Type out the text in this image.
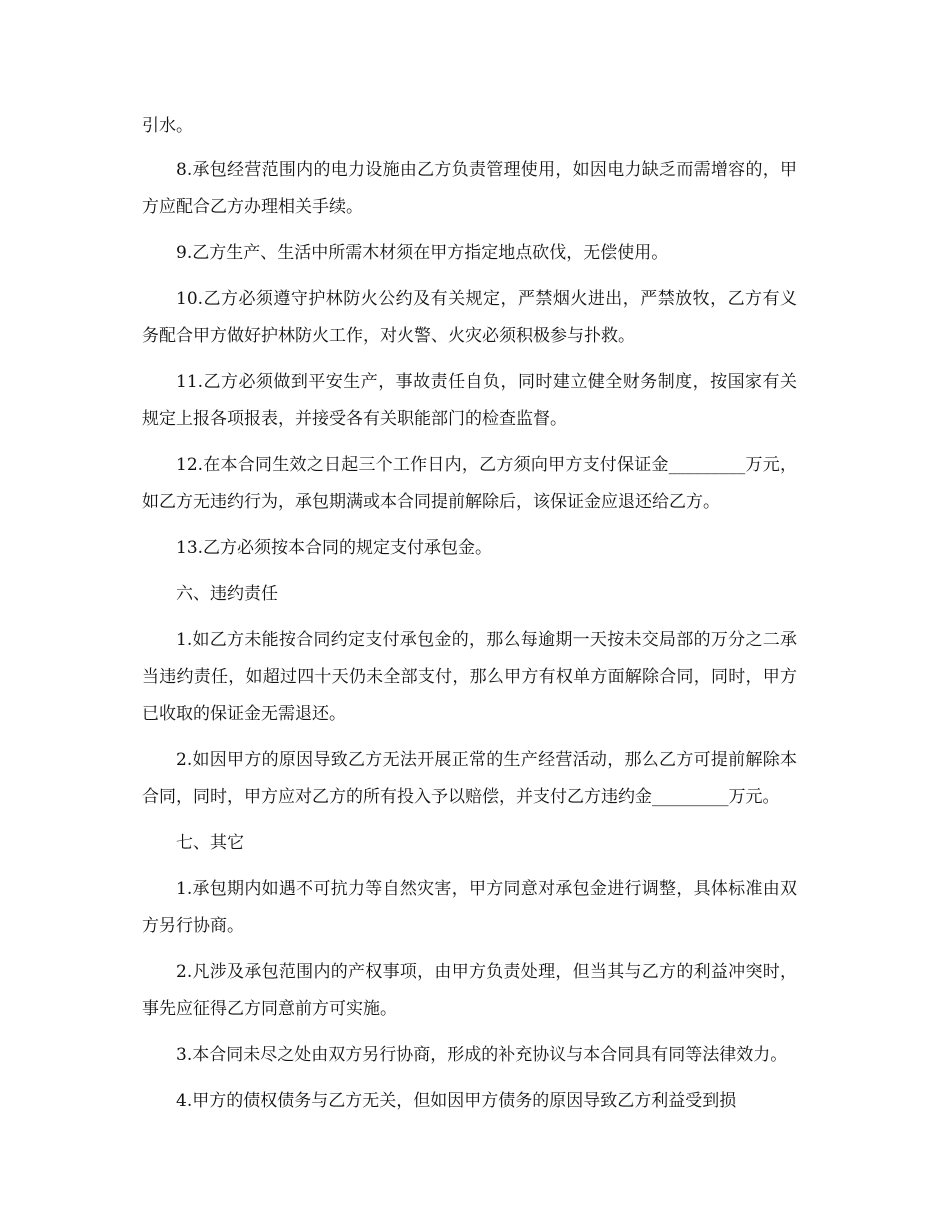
引水。

8.承包经营范围内的电力设施由乙方负责管理使用，如因电力缺乏而需增容的，甲方应配合乙方办理相关手续。

9.乙方生产、生活中所需木材须在甲方指定地点砍伐，无偿使用。

10.乙方必须遵守护林防火公约及有关规定，严禁烟火进出，严禁放牧，乙方有义务配合甲方做好护林防火工作，对火警、火灾必须积极参与扑救。

11.乙方必须做到平安生产，事故责任自负，同时建立健全财务制度，按国家有关规定上报各项报表，并接受各有关职能部门的检查监督。

12.在本合同生效之日起三个工作日内，乙方须向甲方支付保证金_________万元，如乙方无违约行为，承包期满或本合同提前解除后，该保证金应退还给乙方。

13.乙方必须按本合同的规定支付承包金。

六、违约责任

1.如乙方未能按合同约定支付承包金的，那么每逾期一天按未交局部的万分之二承当违约责任，如超过四十天仍未全部支付，那么甲方有权单方面解除合同，同时，甲方已收取的保证金无需退还。

2.如因甲方的原因导致乙方无法开展正常的生产经营活动，那么乙方可提前解除本合同，同时，甲方应对乙方的所有投入予以赔偿，并支付乙方违约金_________万元。

七、其它

1.承包期内如遇不可抗力等自然灾害，甲方同意对承包金进行调整，具体标准由双方另行协商。

2.凡涉及承包范围内的产权事项，由甲方负责处理，但当其与乙方的利益冲突时，事先应征得乙方同意前方可实施。

3.本合同未尽之处由双方另行协商，形成的补充协议与本合同具有同等法律效力。

4.甲方的债权债务与乙方无关，但如因甲方债务的原因导致乙方利益受到损
